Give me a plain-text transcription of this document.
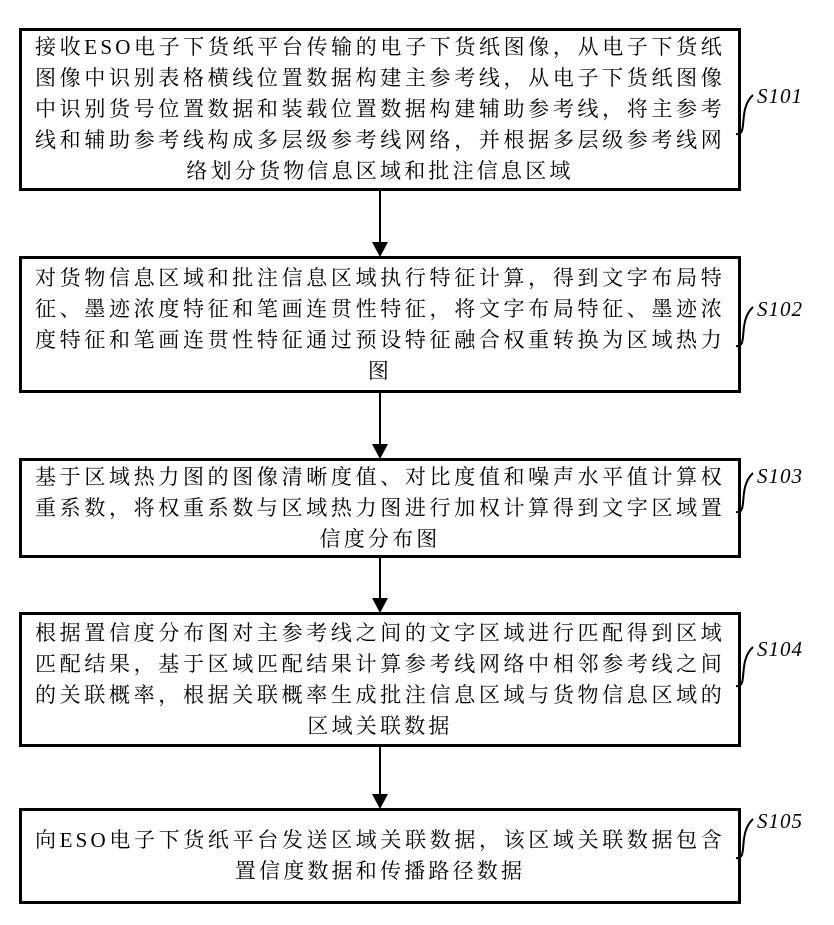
接收ESO电子下货纸平台传输的电子下货纸图像，从电子下货纸图像中识别表格横线位置数据构建主参考线，从电子下货纸图像中识别货号位置数据和装载位置数据构建辅助参考线，将主参考线和辅助参考线构成多层级参考线网络，并根据多层级参考线网络划分货物信息区域和批注信息区域
对货物信息区域和批注信息区域执行特征计算，得到文字布局特征、墨迹浓度特征和笔画连贯性特征，将文字布局特征、墨迹浓度特征和笔画连贯性特征通过预设特征融合权重转换为区域热力图
基于区域热力图的图像清晰度值、对比度值和噪声水平值计算权重系数，将权重系数与区域热力图进行加权计算得到文字区域置信度分布图
根据置信度分布图对主参考线之间的文字区域进行匹配得到区域匹配结果，基于区域匹配结果计算参考线网络中相邻参考线之间的关联概率，根据关联概率生成批注信息区域与货物信息区域的区域关联数据
向ESO电子下货纸平台发送区域关联数据，该区域关联数据包含置信度数据和传播路径数据
S101
S102
S103
S104
S105
